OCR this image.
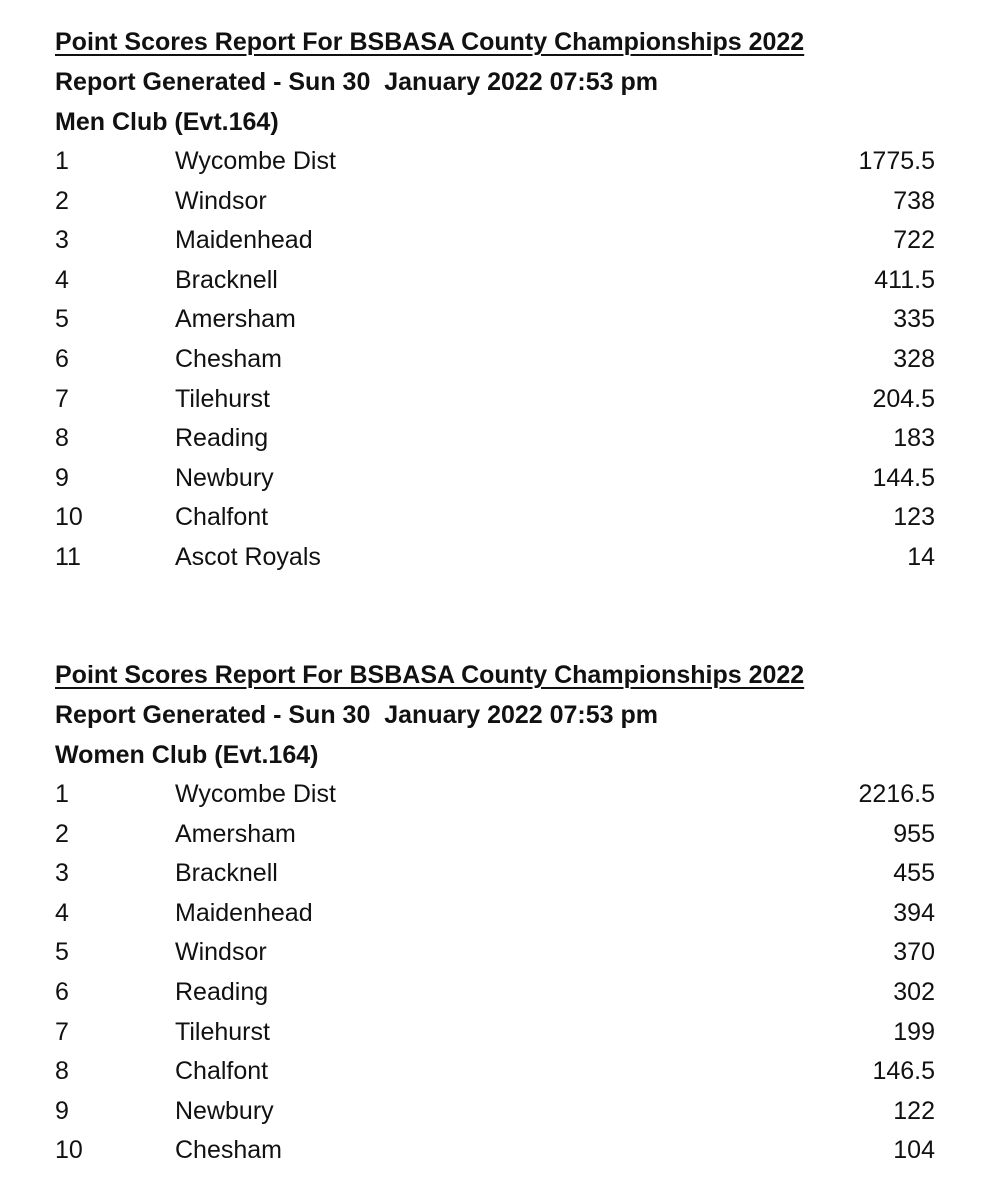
Point Scores Report For BSBASA County Championships 2022
Report Generated - Sun 30  January 2022 07:53 pm
Men Club (Evt.164)
1	Wycombe Dist	1775.5
2	Windsor	738
3	Maidenhead	722
4	Bracknell	411.5
5	Amersham	335
6	Chesham	328
7	Tilehurst	204.5
8	Reading	183
9	Newbury	144.5
10	Chalfont	123
11	Ascot Royals	14
Point Scores Report For BSBASA County Championships 2022
Report Generated - Sun 30  January 2022 07:53 pm
Women Club (Evt.164)
1	Wycombe Dist	2216.5
2	Amersham	955
3	Bracknell	455
4	Maidenhead	394
5	Windsor	370
6	Reading	302
7	Tilehurst	199
8	Chalfont	146.5
9	Newbury	122
10	Chesham	104
